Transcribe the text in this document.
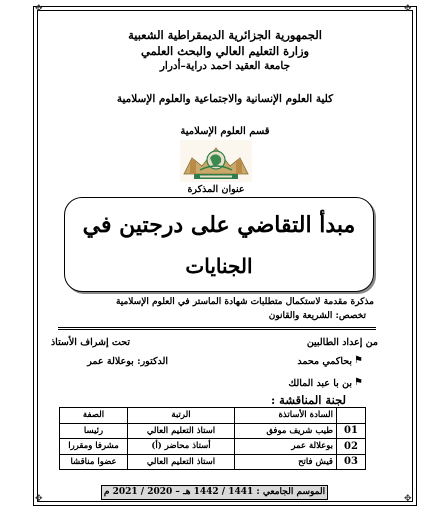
✥	✥
✥	✥
الجمهورية الجزائرية الديمقراطية الشعبية
وزارة التعليم العالي والبحث العلمي
جامعة العقيد احمد دراية–أدرار
كلية العلوم الإنسانية والاجتماعية والعلوم الإسلامية
قسم العلوم الإسلامية
عنوان المذكرة
مبدأ التقاضي على درجتين في
الجنايات
مذكرة مقدمة لاستكمال متطلبات شهادة الماستر في العلوم الإسلامية
تخصص: الشريعة والقانون
من إعداد الطالبين
تحت إشراف الأستاذ
⚑
بحاكمي محمد
⚑
بن با عبد المالك
الدكتور: بوعلالة عمر
لجنة المناقشة :
	السادة الأساتذة	الرتبة	الصفة
01	طيب شريف موفق	استاذ التعليم العالي	رئيسا
02	بوعلالة عمر	أستاذ محاضر (أ)	مشرفا ومقررا
03	قيش فاتح	استاذ التعليم العالي	عضوا مناقشا
الموسم الجامعي : 1441 / 1442 هـ – 2020 / 2021 م
